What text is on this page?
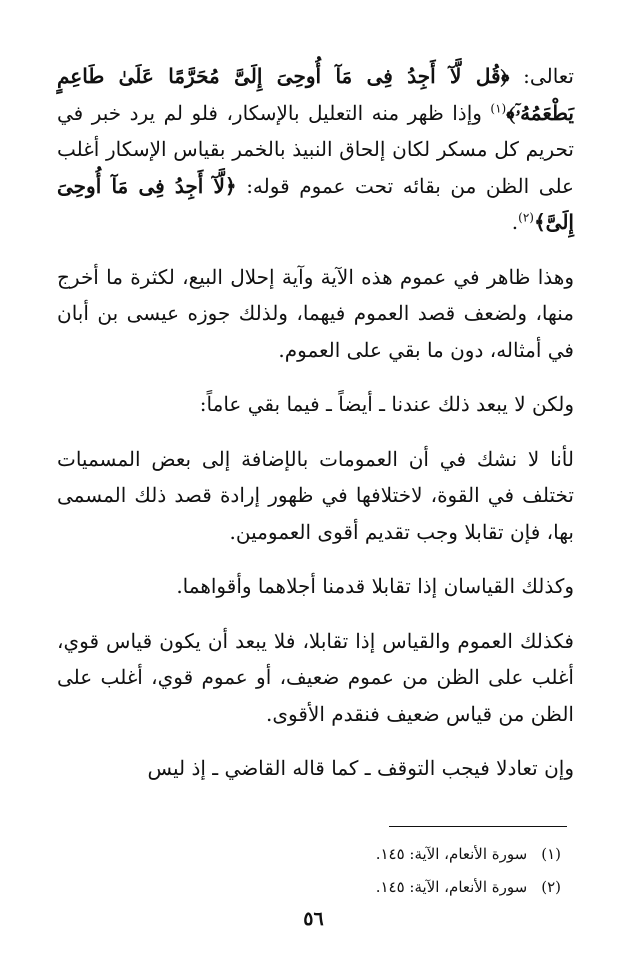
تعالى: ﴿قُل لَّآ أَجِدُ فِى مَآ أُوحِىَ إِلَىَّ مُحَرَّمًا عَلَىٰ طَاعِمٍ يَطْعَمُهُۥٓ﴾$^{(١)}$ وإذا ظهر منه التعليل بالإسكار، فلو لم يرد خبر في تحريم كل مسكر لكان إلحاق النبيذ بالخمر بقياس الإسكار أغلب على الظن من بقائه تحت عموم قوله: ﴿لَّآ أَجِدُ فِى مَآ أُوحِىَ إِلَىَّ﴾$^{(٢)}$.

وهذا ظاهر في عموم هذه الآية وآية إحلال البيع، لكثرة ما أخرج منها، ولضعف قصد العموم فيهما، ولذلك جوزه عيسى بن أبان في أمثاله، دون ما بقي على العموم.

ولكن لا يبعد ذلك عندنا ـ أيضاً ـ فيما بقي عاماً:

لأنا لا نشك في أن العمومات بالإضافة إلى بعض المسميات تختلف في القوة، لاختلافها في ظهور إرادة قصد ذلك المسمى بها، فإن تقابلا وجب تقديم أقوى العمومين.

وكذلك القياسان إذا تقابلا قدمنا أجلاهما وأقواهما.

فكذلك العموم والقياس إذا تقابلا، فلا يبعد أن يكون قياس قوي، أغلب على الظن من عموم ضعيف، أو عموم قوي، أغلب على الظن من قياس ضعيف فنقدم الأقوى.

وإن تعادلا فيجب التوقف ـ كما قاله القاضي ـ إذ ليس

(١)سورة الأنعام، الآية: ١٤٥.

(٢)سورة الأنعام، الآية: ١٤٥.

٥٦
